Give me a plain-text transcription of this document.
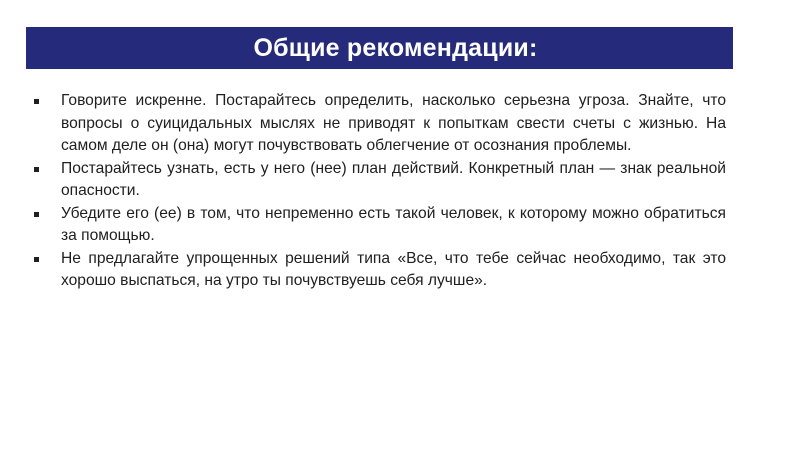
Общие рекомендации:
Говорите искренне. Постарайтесь определить, насколько серьезна угроза. Знайте, что вопросы о суицидальных мыслях не приводят к попыткам свести счеты с жизнью. На самом деле он (она) могут почувствовать облегчение от осознания проблемы.
Постарайтесь узнать, есть у него (нее) план действий. Конкретный план — знак реальной опасности.
Убедите его (ее) в том, что непременно есть такой человек, к которому можно обратиться за помощью.
Не предлагайте упрощенных решений типа «Все, что тебе сейчас необходимо, так это хорошо выспаться, на утро ты почувствуешь себя лучше».
